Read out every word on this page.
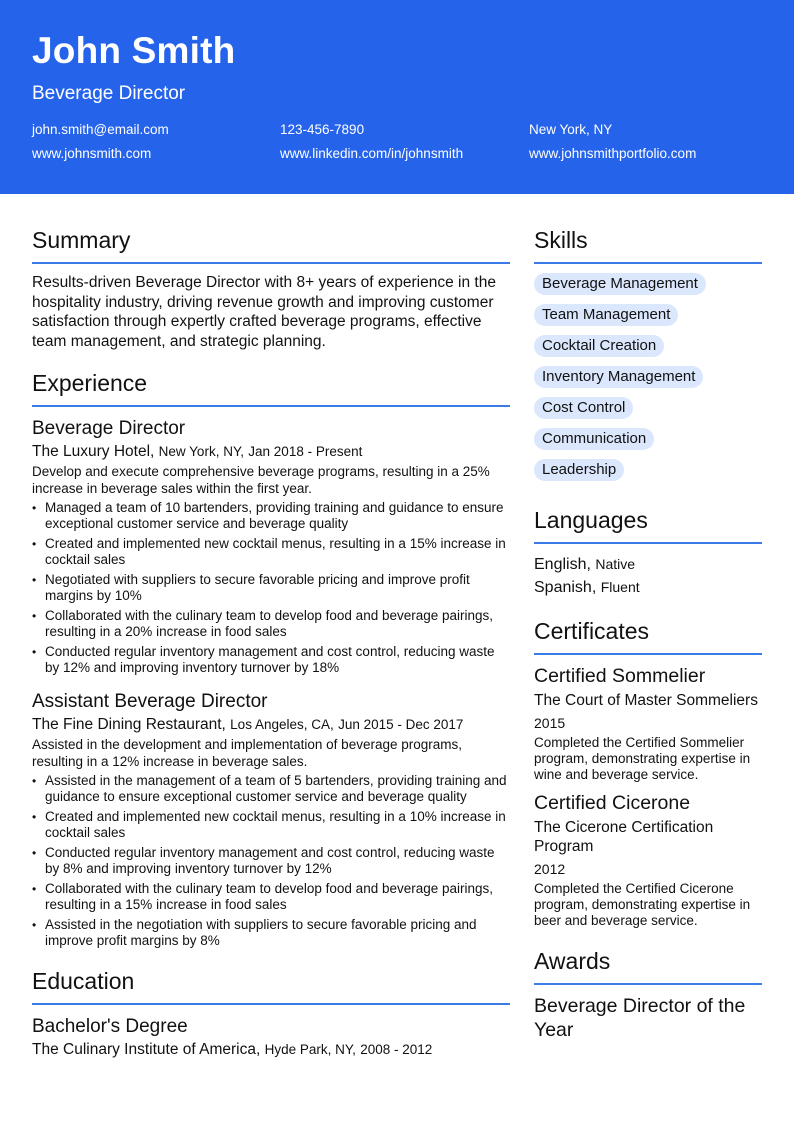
John Smith
Beverage Director
john.smith@email.com	123-456-7890	New York, NY
www.johnsmith.com	www.linkedin.com/in/johnsmith	www.johnsmithportfolio.com
Summary

Results-driven Beverage Director with 8+ years of experience in the hospitality industry, driving revenue growth and improving customer satisfaction through expertly crafted beverage programs, effective team management, and strategic planning.

Experience
Beverage Director
The Luxury Hotel, New York, NY, Jan 2018 - Present
Develop and execute comprehensive beverage programs, resulting in a 25% increase in beverage sales within the first year.
• Managed a team of 10 bartenders, providing training and guidance to ensure exceptional customer service and beverage quality
• Created and implemented new cocktail menus, resulting in a 15% increase in cocktail sales
• Negotiated with suppliers to secure favorable pricing and improve profit margins by 10%
• Collaborated with the culinary team to develop food and beverage pairings, resulting in a 20% increase in food sales
• Conducted regular inventory management and cost control, reducing waste by 12% and improving inventory turnover by 18%
Assistant Beverage Director
The Fine Dining Restaurant, Los Angeles, CA, Jun 2015 - Dec 2017
Assisted in the development and implementation of beverage programs, resulting in a 12% increase in beverage sales.
• Assisted in the management of a team of 5 bartenders, providing training and guidance to ensure exceptional customer service and beverage quality
• Created and implemented new cocktail menus, resulting in a 10% increase in cocktail sales
• Conducted regular inventory management and cost control, reducing waste by 8% and improving inventory turnover by 12%
• Collaborated with the culinary team to develop food and beverage pairings, resulting in a 15% increase in food sales
• Assisted in the negotiation with suppliers to secure favorable pricing and improve profit margins by 8%
Education
Bachelor's Degree
The Culinary Institute of America, Hyde Park, NY, 2008 - 2012
Skills
Beverage Management
Team Management
Cocktail Creation
Inventory Management
Cost Control
Communication
Leadership
Languages
English, Native
Spanish, Fluent
Certificates
Certified Sommelier
The Court of Master Sommeliers
2015
Completed the Certified Sommelier program, demonstrating expertise in wine and beverage service.
Certified Cicerone
The Cicerone Certification Program
2012
Completed the Certified Cicerone program, demonstrating expertise in beer and beverage service.
Awards
Beverage Director of the Year
